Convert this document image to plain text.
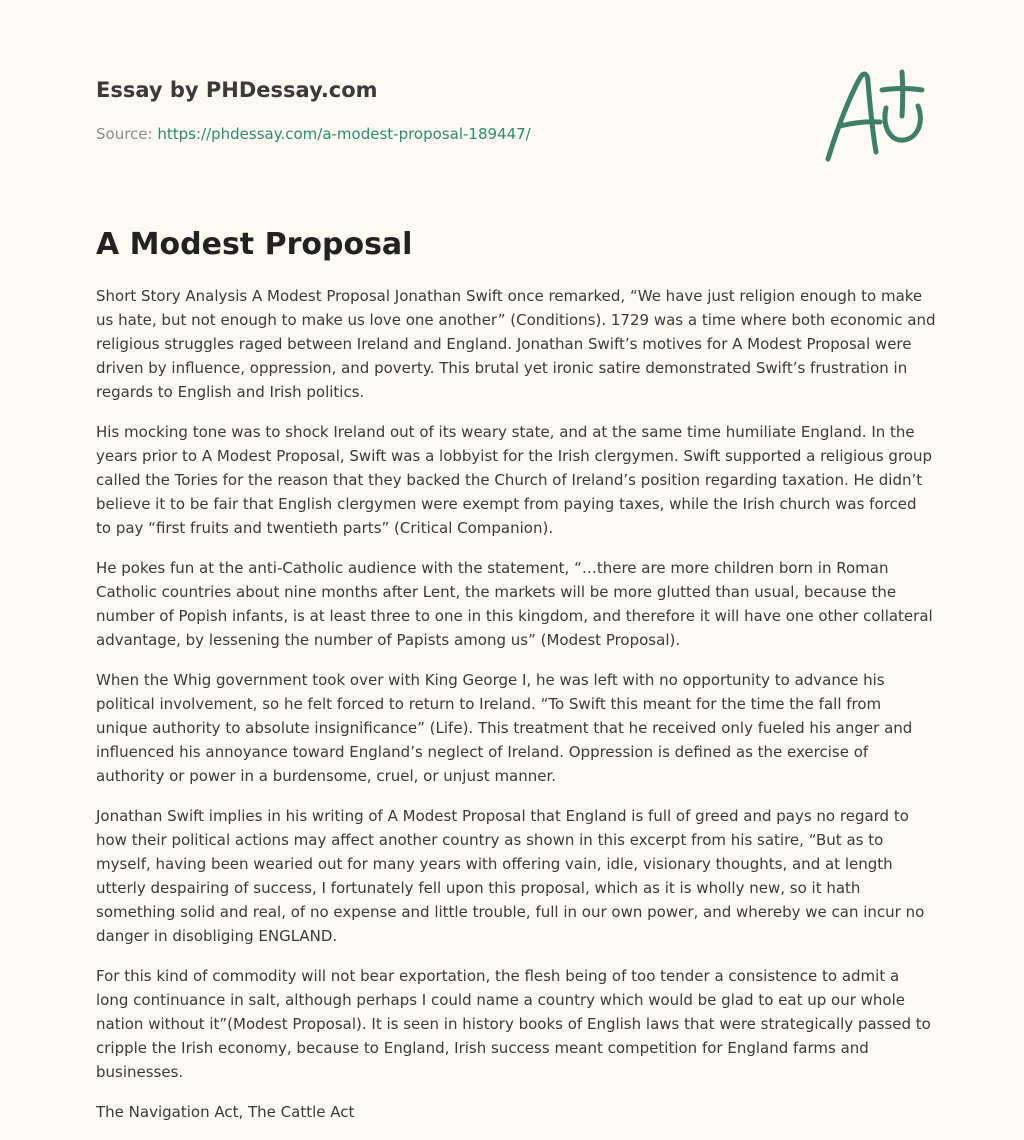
Essay by PHDessay.com
Source: https://phdessay.com/a-modest-proposal-189447/
A Modest Proposal

Short Story Analysis A Modest Proposal Jonathan Swift once remarked, “We have just religion enough to make us hate, but not enough to make us love one another” (Conditions). 1729 was a time where both economic and religious struggles raged between Ireland and England. Jonathan Swift’s motives for A Modest Proposal were driven by influence, oppression, and poverty. This brutal yet ironic satire demonstrated Swift’s frustration in regards to English and Irish politics.

His mocking tone was to shock Ireland out of its weary state, and at the same time humiliate England. In the years prior to A Modest Proposal, Swift was a lobbyist for the Irish clergymen. Swift supported a religious group called the Tories for the reason that they backed the Church of Ireland’s position regarding taxation. He didn’t believe it to be fair that English clergymen were exempt from paying taxes, while the Irish church was forced to pay “first fruits and twentieth parts” (Critical Companion).

He pokes fun at the anti-Catholic audience with the statement, “…there are more children born in Roman Catholic countries about nine months after Lent, the markets will be more glutted than usual, because the number of Popish infants, is at least three to one in this kingdom, and therefore it will have one other collateral advantage, by lessening the number of Papists among us” (Modest Proposal).

When the Whig government took over with King George I, he was left with no opportunity to advance his political involvement, so he felt forced to return to Ireland. “To Swift this meant for the time the fall from unique authority to absolute insignificance” (Life). This treatment that he received only fueled his anger and influenced his annoyance toward England’s neglect of Ireland. Oppression is defined as the exercise of authority or power in a burdensome, cruel, or unjust manner.

Jonathan Swift implies in his writing of A Modest Proposal that England is full of greed and pays no regard to how their political actions may affect another country as shown in this excerpt from his satire, “But as to myself, having been wearied out for many years with offering vain, idle, visionary thoughts, and at length utterly despairing of success, I fortunately fell upon this proposal, which as it is wholly new, so it hath something solid and real, of no expense and little trouble, full in our own power, and whereby we can incur no danger in disobliging ENGLAND.

For this kind of commodity will not bear exportation, the flesh being of too tender a consistence to admit a long continuance in salt, although perhaps I could name a country which would be glad to eat up our whole nation without it”(Modest Proposal). It is seen in history books of English laws that were strategically passed to cripple the Irish economy, because to England, Irish success meant competition for England farms and businesses.

The Navigation Act, The Cattle Act
